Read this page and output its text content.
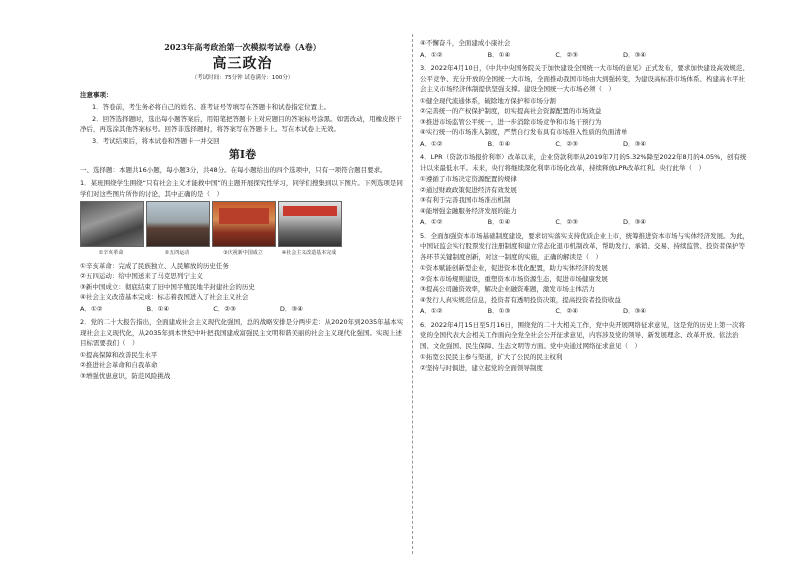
2023年高考政治第一次模拟考试卷（A卷）
高三政治
（考试时间：75分钟 试卷满分：100分）
注意事项：

1．答卷前，考生务必将自己的姓名、准考证号等填写在答题卡和试卷指定位置上。

2．回答选择题时，选出每小题答案后，用铅笔把答题卡上对应题目的答案标号涂黑。如需改动，用橡皮擦干净后，再选涂其他答案标号。回答非选择题时，将答案写在答题卡上。写在本试卷上无效。

3．考试结束后，将本试卷和答题卡一并交回

第Ⅰ卷
一、选择题：本题共16小题，每小题3分，共48分。在每小题给出的四个选项中，只有一项符合题目要求。
1．某班围绕学生围绕“只有社会主义才能救中国”的主题开展探究性学习，同学们搜集到以下图片。下列选项是同学们对这些图片所作的讨论，其中正确的是（　）
①辛亥革命	②五四运动	③庆祝新中国成立	④社会主义改造基本完成

①辛亥革命：完成了民族独立、人民解放的历史任务

②五四运动：给中国送来了马克思列宁主义

③新中国成立：彻底结束了旧中国半殖民地半封建社会的历史

④社会主义改造基本完成：标志着我国进入了社会主义社会

A．①②	B．①④	C．②③	D．③④
2．党的二十大报告指出，全面建成社会主义现代化强国，总的战略安排是分两步走：从2020年到2035年基本实现社会主义现代化，从2035年到本世纪中叶把我国建成富强民主文明和谐美丽的社会主义现代化强国。实现上述目标需要我们（　）

①提高保障和改善民生水平

②推进社会革命和自我革命

③增强忧患意识，防范风险挑战

④不懈奋斗，全面建成小康社会

A．①②	B．①④	C．②③	D．③④
3．2022年4月10日，《中共中央国务院关于加快建设全国统一大市场的意见》正式发布，要求加快建设高效规范、公平竞争、充分开放的全国统一大市场，全面推动我国市场由大到强转变，为建设高标准市场体系、构建高水平社会主义市场经济体制提供坚强支撑。建设全国统一大市场必须（　）

①健全现代流通体系，破除地方保护和市场分割

②完善统一的产权保护制度，切实提高社会资源配置的市场效益

③推进市场监管公平统一，进一步消除市场竞争和市场干预行为

④实行统一的市场准入制度，严禁自行发布具有市场准入性质的负面清单

A．①②	B．①④	C．②③	D．③④
4．LPR（贷款市场报价利率）改革以来，企业贷款利率从2019年7月的5.32%降至2022年8月的4.05%，创有统计以来最低水平。未来，央行将继续深化利率市场化改革，持续释放LPR改革红利。央行此举（　）

①遵循了市场决定资源配置的规律

②通过财政政策促进经济有效发展

③有利于完善我国市场准出机制

④能增强金融服务经济发展的能力

A．①②	B．①④	C．②③	D．③④
5．全面加强资本市场基础制度建设，要求切实落实支持优质企业上市，统筹推进资本市场与实体经济发展。为此，中国证监会实行股票发行注册制度和建立常态化退市机制改革，帮助发行、承销、交易、持续监管、投资者保护等各环节关键制度创新，对这一制度的实施，正确的解读是（　）

①资本赋能创新型企业，促进资本优化配置，助力实体经济的发展

②资本市场规则建设，重塑资本市场资源生态，促进市场健康发展

③提高公司融资效率，解决企业融资难题，激发市场主体活力

④发行人真实规范信息，投资者有透明投资决策，提高投资者投资收益

A．①②	B．①③	C．②④	D．③④
6．2022年4月15日至5月16日，围绕党的二十大相关工作，党中央开展网络征求意见，这是党的历史上第一次将党的全国代表大会相关工作面向全党全社会公开征求意见，内容涉及党的领导、新发展理念、改革开放、依法治国、文化强国、民生保障、生态文明等方面。党中央通过网络征求意见（　）

①拓宽公民民主参与渠道，扩大了公民的民主权利

②坚持与时俱进，建立起党的全面领导制度
